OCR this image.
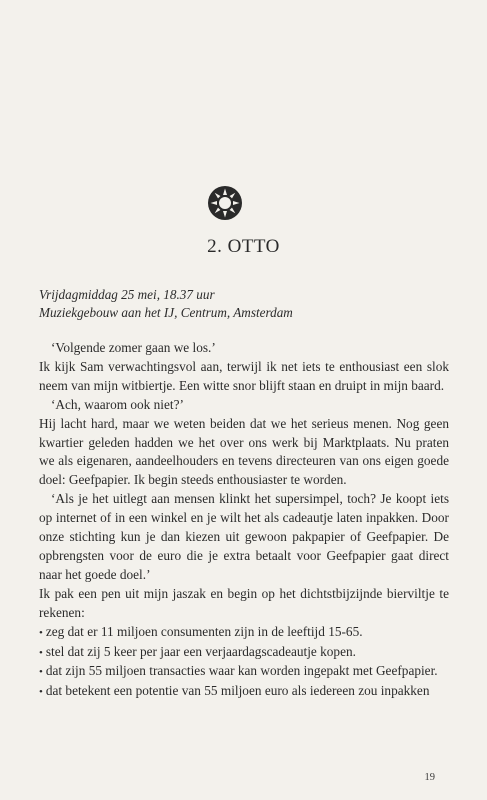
2. OTTO
Vrijdagmiddag 25 mei, 18.37 uur
Muziekgebouw aan het IJ, Centrum, Amsterdam

‘Volgende zomer gaan we los.’

Ik kijk Sam verwachtingsvol aan, terwijl ik net iets te enthousiast een slok neem van mijn witbiertje. Een witte snor blijft staan en druipt in mijn baard.

‘Ach, waarom ook niet?’

Hij lacht hard, maar we weten beiden dat we het serieus menen. Nog geen kwartier geleden hadden we het over ons werk bij Marktplaats. Nu praten we als eigenaren, aandeelhouders en tevens directeuren van ons eigen goede doel: Geefpapier. Ik begin steeds enthousiaster te worden.

‘Als je het uitlegt aan mensen klinkt het supersimpel, toch? Je koopt iets op internet of in een winkel en je wilt het als cadeautje laten inpakken. Door onze stichting kun je dan kiezen uit gewoon pakpapier of Geefpapier. De opbrengsten voor de euro die je extra betaalt voor Geefpapier gaat direct naar het goede doel.’

Ik pak een pen uit mijn jaszak en begin op het dichtstbijzijnde bierviltje te rekenen:

• zeg dat er 11 miljoen consumenten zijn in de leeftijd 15-65.
• stel dat zij 5 keer per jaar een verjaardagscadeautje kopen.
• dat zijn 55 miljoen transacties waar kan worden ingepakt met Geefpapier.
• dat betekent een potentie van 55 miljoen euro als iedereen zou inpakken
19
